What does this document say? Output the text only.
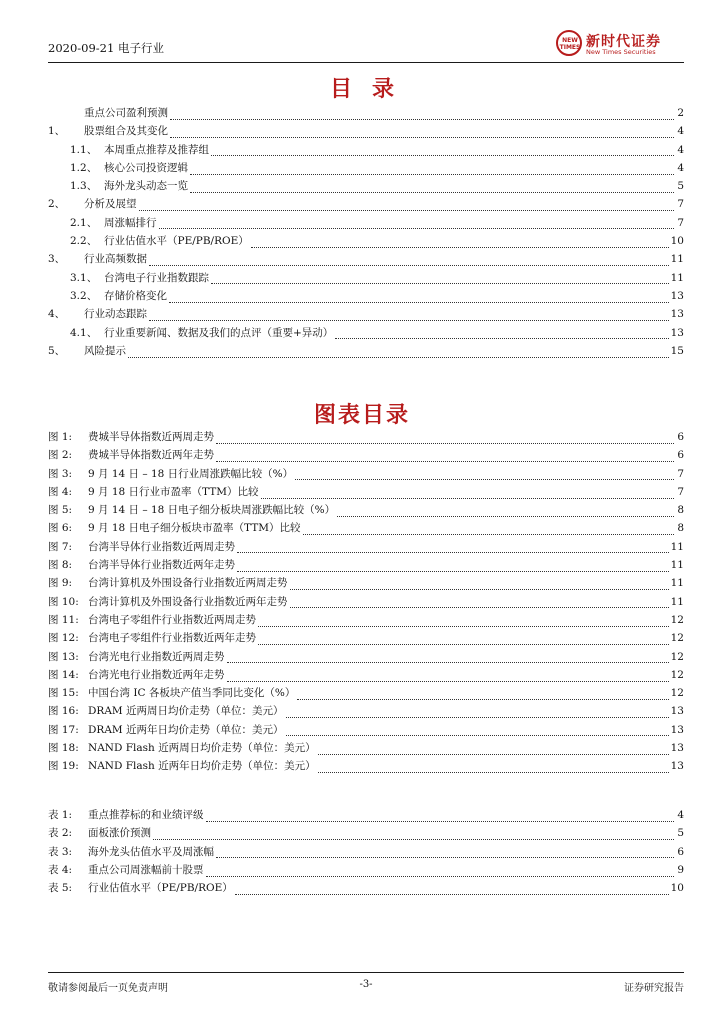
2020-09-21 电子行业
NEW TIMES 新时代证券
New Times Securities
目录
重点公司盈利预测	2
1、	股票组合及其变化	4
1.1、 本周重点推荐及推荐组	4
1.2、 核心公司投资逻辑	4
1.3、 海外龙头动态一览	5
2、	分析及展望	7
2.1、 周涨幅排行	7
2.2、 行业估值水平（PE/PB/ROE）	10
3、	行业高频数据	11
3.1、 台湾电子行业指数跟踪	11
3.2、 存储价格变化	13
4、	行业动态跟踪	13
4.1、 行业重要新闻、数据及我们的点评（重要+异动）	13
5、	风险提示	15
图表目录
图 1:	费城半导体指数近两周走势	6
图 2:	费城半导体指数近两年走势	6
图 3:	9 月 14 日 – 18 日行业周涨跌幅比较（%）	7
图 4:	9 月 18 日行业市盈率（TTM）比较	7
图 5:	9 月 14 日 – 18 日电子细分板块周涨跌幅比较（%）	8
图 6:	9 月 18 日电子细分板块市盈率（TTM）比较	8
图 7:	台湾半导体行业指数近两周走势	11
图 8:	台湾半导体行业指数近两年走势	11
图 9:	台湾计算机及外围设备行业指数近两周走势	11
图 10: 台湾计算机及外围设备行业指数近两年走势	11
图 11: 台湾电子零组件行业指数近两周走势	12
图 12: 台湾电子零组件行业指数近两年走势	12
图 13: 台湾光电行业指数近两周走势	12
图 14: 台湾光电行业指数近两年走势	12
图 15: 中国台湾 IC 各板块产值当季同比变化（%）	12
图 16: DRAM 近两周日均价走势（单位：美元）	13
图 17: DRAM 近两年日均价走势（单位：美元）	13
图 18: NAND Flash 近两周日均价走势（单位：美元）	13
图 19: NAND Flash 近两年日均价走势（单位：美元）	13
表 1:	重点推荐标的和业绩评级	4
表 2:	面板涨价预测	5
表 3:	海外龙头估值水平及周涨幅	6
表 4:	重点公司周涨幅前十股票	9
表 5:	行业估值水平（PE/PB/ROE）	10
敬请参阅最后一页免责声明	-3-	证券研究报告
